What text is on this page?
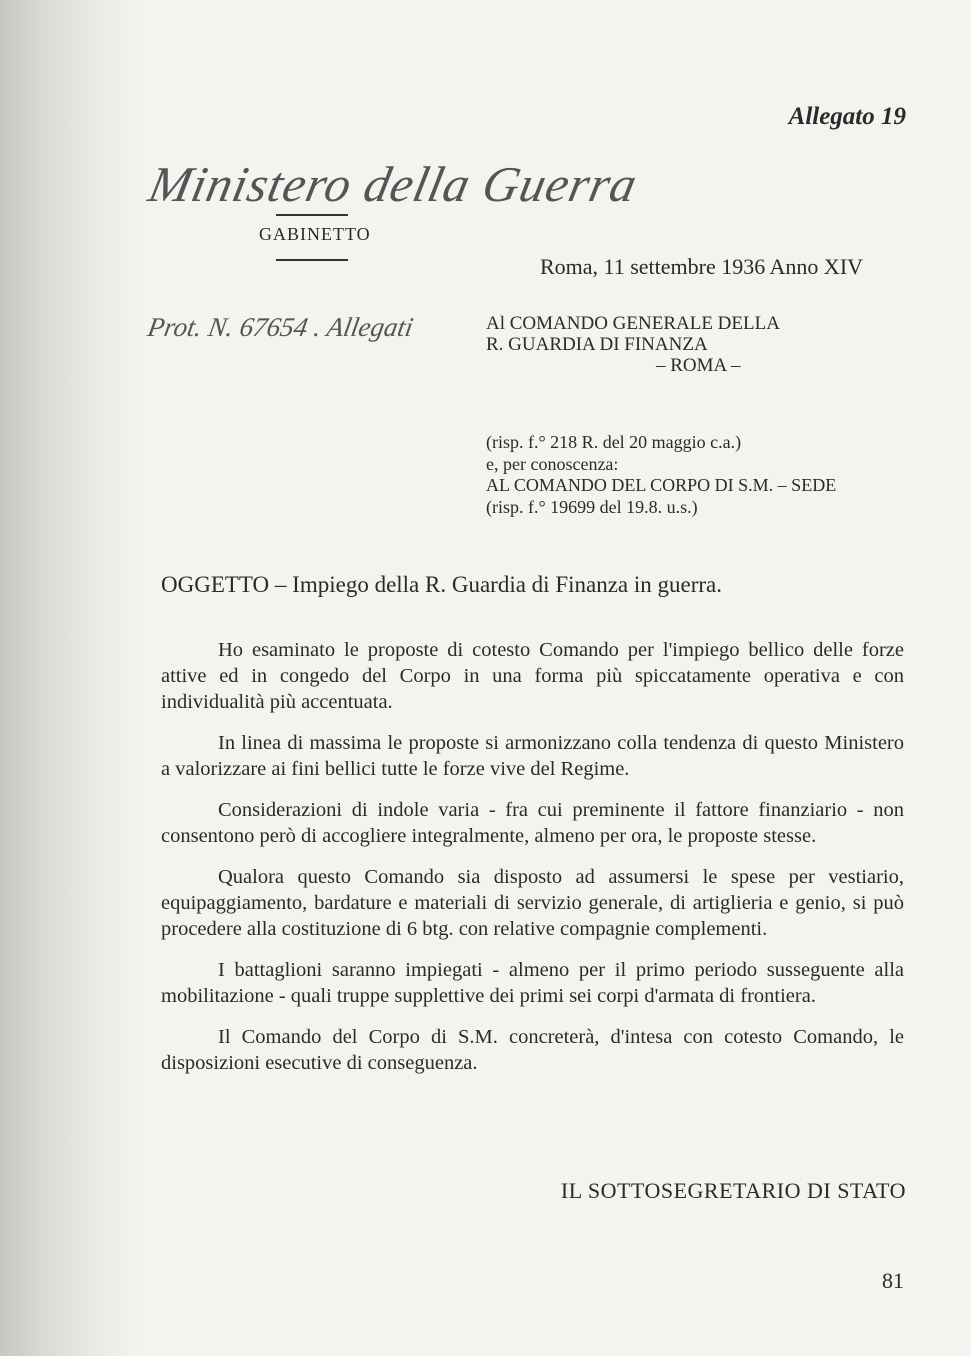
Allegato 19
Ministero della Guerra
GABINETTO
Roma, 11 settembre 1936 Anno XIV
Prot. N. 67654 . Allegati	Al COMANDO GENERALE DELLA
R. GUARDIA DI FINANZA
– ROMA –
(risp. f.° 218 R. del 20 maggio c.a.)
e, per conoscenza:
AL COMANDO DEL CORPO DI S.M. – SEDE
(risp. f.° 19699 del 19.8. u.s.)
OGGETTO – Impiego della R. Guardia di Finanza in guerra.

Ho esaminato le proposte di cotesto Comando per l'impiego bellico delle forze attive ed in congedo del Corpo in una forma più spiccatamente operativa e con individualità più accentuata.

In linea di massima le proposte si armonizzano colla tendenza di questo Ministero a valorizzare ai fini bellici tutte le forze vive del Regime.

Considerazioni di indole varia - fra cui preminente il fattore finanziario - non consentono però di accogliere integralmente, almeno per ora, le proposte stesse.

Qualora questo Comando sia disposto ad assumersi le spese per vestiario, equipaggiamento, bardature e materiali di servizio generale, di artiglieria e genio, si può procedere alla costituzione di 6 btg. con relative compagnie complementi.

I battaglioni saranno impiegati - almeno per il primo periodo susseguente alla mobilitazione - quali truppe supplettive dei primi sei corpi d'armata di frontiera.

Il Comando del Corpo di S.M. concreterà, d'intesa con cotesto Comando, le disposizioni esecutive di conseguenza.

IL SOTTOSEGRETARIO DI STATO
81
